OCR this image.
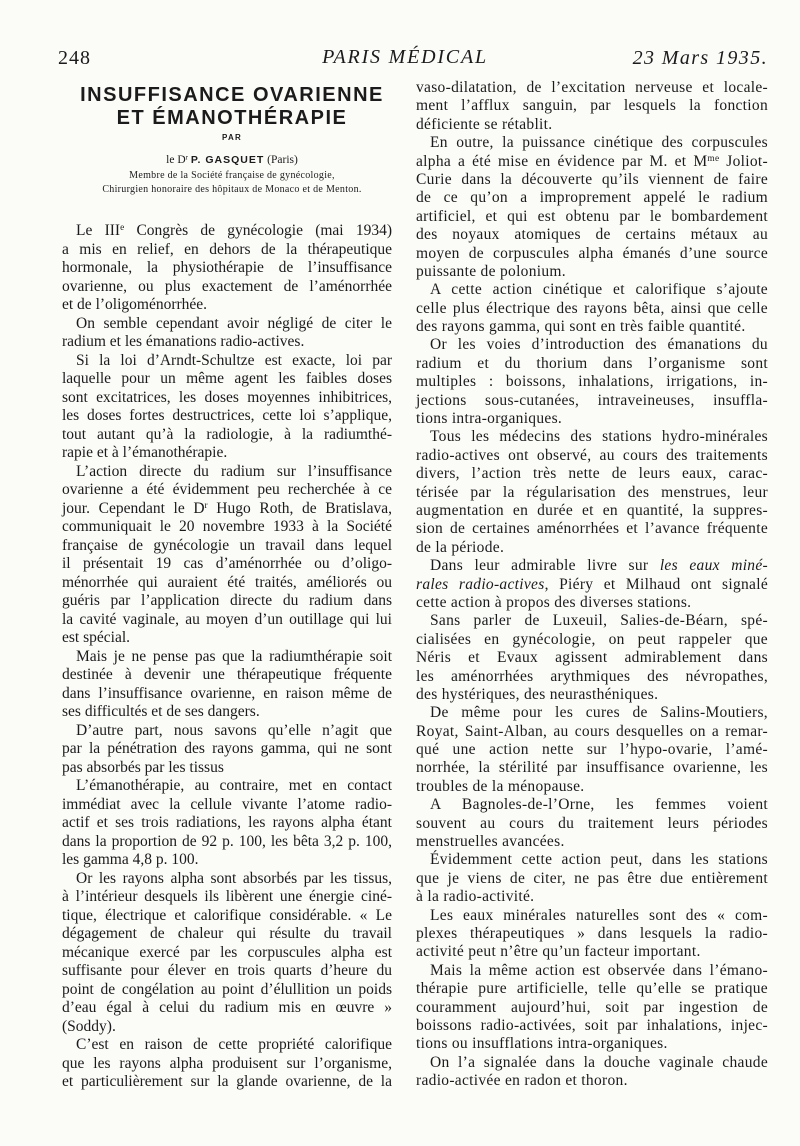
248	PARIS MÉDICAL	23 Mars 1935.
INSUFFISANCE OVARIENNE
ET ÉMANOTHÉRAPIE
PAR
le $D^r$ P. GASQUET (Paris)
Membre de la Société française de gynécologie,
Chirurgien honoraire des hôpitaux de Monaco et de Menton.
Le IIIe Congrès de gynécologie (mai 1934)
a mis en relief, en dehors de la thérapeutique
hormonale, la physiothérapie de l’insuffisance
ovarienne, ou plus exactement de l’aménorrhée
et de l’oligoménorrhée.
On semble cependant avoir négligé de citer le
radium et les émanations radio-actives.
Si la loi d’Arndt-Schultze est exacte, loi par
laquelle pour un même agent les faibles doses
sont excitatrices, les doses moyennes inhibitrices,
les doses fortes destructrices, cette loi s’applique,
tout autant qu’à la radiologie, à la radiumthé-
rapie et à l’émanothérapie.
L’action directe du radium sur l’insuffisance
ovarienne a été évidemment peu recherchée à ce
jour. Cependant le $D^r$ Hugo Roth, de Bratislava,
communiquait le 20 novembre 1933 à la Société
française de gynécologie un travail dans lequel
il présentait 19 cas d’aménorrhée ou d’oligo-
ménorrhée qui auraient été traités, améliorés ou
guéris par l’application directe du radium dans
la cavité vaginale, au moyen d’un outillage qui lui
est spécial.
Mais je ne pense pas que la radiumthérapie soit
destinée à devenir une thérapeutique fréquente
dans l’insuffisance ovarienne, en raison même de
ses difficultés et de ses dangers.
D’autre part, nous savons qu’elle n’agit que
par la pénétration des rayons gamma, qui ne sont
pas absorbés par les tissus
L’émanothérapie, au contraire, met en contact
immédiat avec la cellule vivante l’atome radio-
actif et ses trois radiations, les rayons alpha étant
dans la proportion de 92 p. 100, les bêta 3,2 p. 100,
les gamma 4,8 p. 100.
Or les rayons alpha sont absorbés par les tissus,
à l’intérieur desquels ils libèrent une énergie ciné-
tique, électrique et calorifique considérable. « Le
dégagement de chaleur qui résulte du travail
mécanique exercé par les corpuscules alpha est
suffisante pour élever en trois quarts d’heure du
point de congélation au point d’élullition un poids
d’eau égal à celui du radium mis en œuvre »
(Soddy).
C’est en raison de cette propriété calorifique
que les rayons alpha produisent sur l’organisme,
et particulièrement sur la glande ovarienne, de la
vaso-dilatation, de l’excitation nerveuse et locale-
ment l’afflux sanguin, par lesquels la fonction
déficiente se rétablit.
En outre, la puissance cinétique des corpuscules
alpha a été mise en évidence par M. et $M^{me}$ Joliot-
Curie dans la découverte qu’ils viennent de faire
de ce qu’on a improprement appelé le radium
artificiel, et qui est obtenu par le bombardement
des noyaux atomiques de certains métaux au
moyen de corpuscules alpha émanés d’une source
puissante de polonium.
A cette action cinétique et calorifique s’ajoute
celle plus électrique des rayons bêta, ainsi que celle
des rayons gamma, qui sont en très faible quantité.
Or les voies d’introduction des émanations du
radium et du thorium dans l’organisme sont
multiples : boissons, inhalations, irrigations, in-
jections sous-cutanées, intraveineuses, insuffla-
tions intra-organiques.
Tous les médecins des stations hydro-minérales
radio-actives ont observé, au cours des traitements
divers, l’action très nette de leurs eaux, carac-
térisée par la régularisation des menstrues, leur
augmentation en durée et en quantité, la suppres-
sion de certaines aménorrhées et l’avance fréquente
de la période.
Dans leur admirable livre sur les eaux miné-
rales radio-actives, Piéry et Milhaud ont signalé
cette action à propos des diverses stations.
Sans parler de Luxeuil, Salies-de-Béarn, spé-
cialisées en gynécologie, on peut rappeler que
Néris et Evaux agissent admirablement dans
les aménorrhées arythmiques des névropathes,
des hystériques, des neurasthéniques.
De même pour les cures de Salins-Moutiers,
Royat, Saint-Alban, au cours desquelles on a remar-
qué une action nette sur l’hypo-ovarie, l’amé-
norrhée, la stérilité par insuffisance ovarienne, les
troubles de la ménopause.
A Bagnoles-de-l’Orne, les femmes voient
souvent au cours du traitement leurs périodes
menstruelles avancées.
Évidemment cette action peut, dans les stations
que je viens de citer, ne pas être due entièrement
à la radio-activité.
Les eaux minérales naturelles sont des « com-
plexes thérapeutiques » dans lesquels la radio-
activité peut n’être qu’un facteur important.
Mais la même action est observée dans l’émano-
thérapie pure artificielle, telle qu’elle se pratique
couramment aujourd’hui, soit par ingestion de
boissons radio-activées, soit par inhalations, injec-
tions ou insufflations intra-organiques.
On l’a signalée dans la douche vaginale chaude
radio-activée en radon et thoron.
